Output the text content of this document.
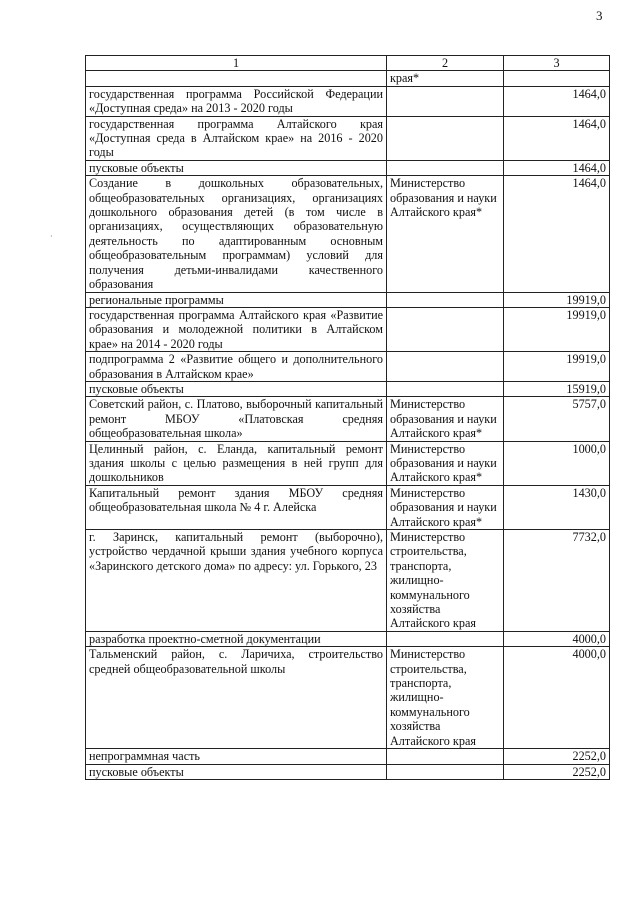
3
·
1	2	3
	края*	
государственная программа Российской Федерации «Доступная среда» на 2013 - 2020 годы		1464,0
государственная программа Алтайского края «Доступная среда в Алтайском крае» на 2016 - 2020 годы		1464,0
пусковые объекты		1464,0
Создание в дошкольных образовательных, общеобразовательных организациях, организациях дошкольного образования детей (в том числе в организациях, осуществляющих образовательную деятельность по адаптированным основным общеобразовательным программам) условий для получения детьми-инвалидами качественного образования	Министерство образования и науки Алтайского края*	1464,0
региональные программы		19919,0
государственная программа Алтайского края «Развитие образования и молодежной политики в Алтайском крае» на 2014 - 2020 годы		19919,0
подпрограмма 2 «Развитие общего и дополнительного образования в Алтайском крае»		19919,0
пусковые объекты		15919,0
Советский район, с. Платово, выборочный капитальный ремонт МБОУ «Платовская средняя общеобразовательная школа»	Министерство образования и науки Алтайского края*	5757,0
Целинный район, с. Еланда, капитальный ремонт здания школы с целью размещения в ней групп для дошкольников	Министерство образования и науки Алтайского края*	1000,0
Капитальный ремонт здания МБОУ средняя общеобразовательная школа № 4 г. Алейска	Министерство образования и науки Алтайского края*	1430,0
г. Заринск, капитальный ремонт (выборочно), устройство чердачной крыши здания учебного корпуса «Заринского детского дома» по адресу: ул. Горького, 23	Министерство строительства, транспорта, жилищно-коммунального хозяйства Алтайского края	7732,0
разработка проектно-сметной документации		4000,0
Тальменский район, с. Ларичиха, строительство средней общеобразовательной школы	Министерство строительства, транспорта, жилищно-коммунального хозяйства Алтайского края	4000,0
непрограммная часть		2252,0
пусковые объекты		2252,0
